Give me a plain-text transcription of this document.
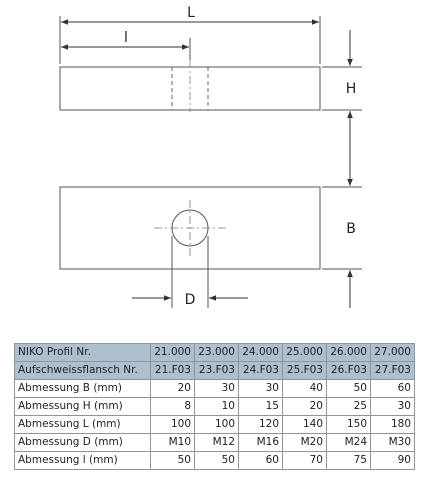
L
l
H
B
D
NIKO Profil Nr.	21.000	23.000	24.000	25.000	26.000	27.000
Aufschweissflansch Nr.	21.F03	23.F03	24.F03	25.F03	26.F03	27.F03
Abmessung B (mm)	20	30	30	40	50	60
Abmessung H (mm)	8	10	15	20	25	30
Abmessung L (mm)	100	100	120	140	150	180
Abmessung D (mm)	M10	M12	M16	M20	M24	M30
Abmessung l (mm)	50	50	60	70	75	90
